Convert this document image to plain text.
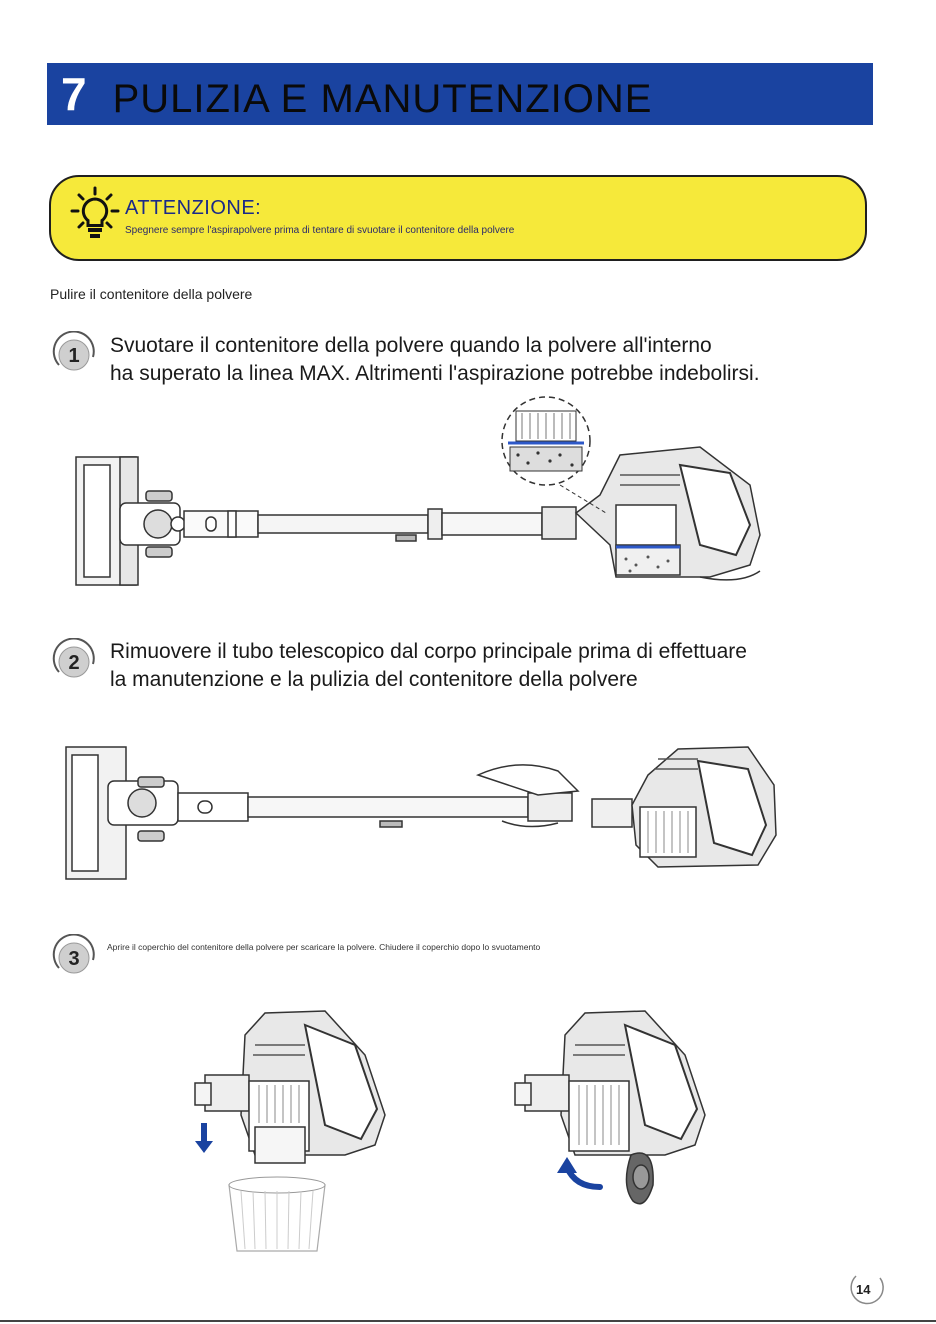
7 PULIZIA E MANUTENZIONE
ATTENZIONE:
Spegnere sempre l'aspirapolvere prima di tentare di svuotare il contenitore della polvere
Pulire il contenitore della polvere
1 Svuotare il contenitore della polvere quando la polvere all'interno
ha superato la linea MAX. Altrimenti l'aspirazione potrebbe indebolirsi.
2 Rimuovere il tubo telescopico dal corpo principale prima di effettuare
la manutenzione e la pulizia del contenitore della polvere
3
Aprire il coperchio del contenitore della polvere per scaricare la polvere. Chiudere il coperchio dopo lo svuotamento
14
